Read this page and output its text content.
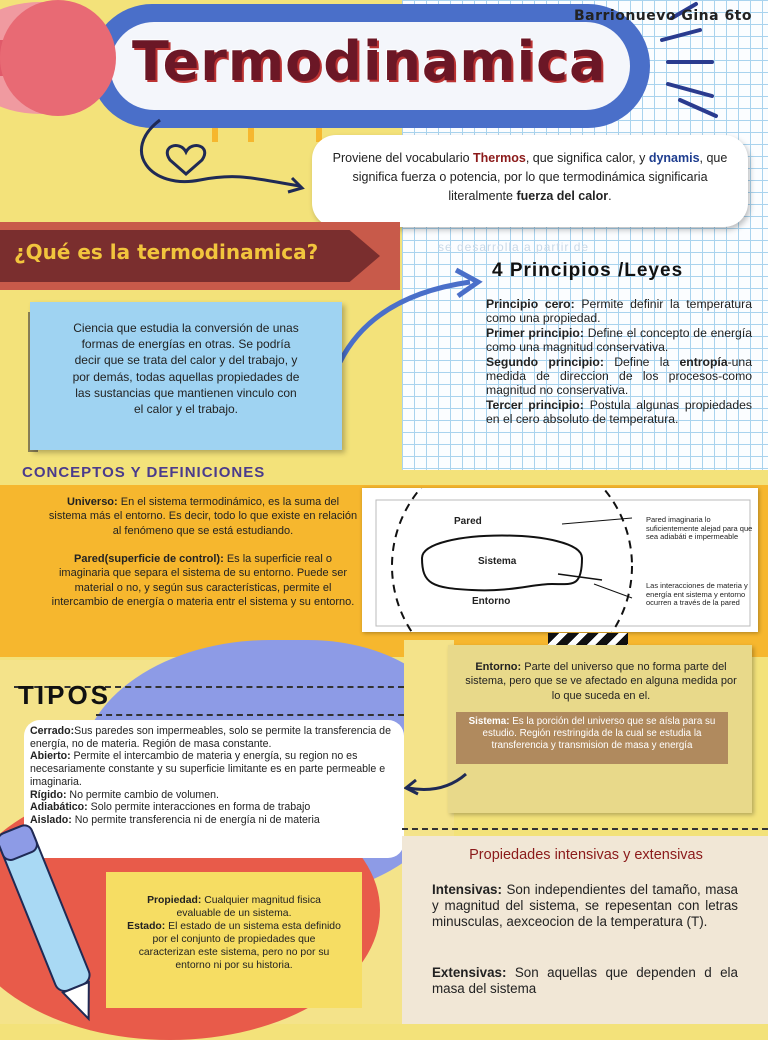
Barrionuevo Gina 6to
Termodinamica
Proviene del vocabulario Thermos, que significa calor, y dynamis, que significa fuerza o potencia, por lo que termodinámica significaria literalmente fuerza del calor.
¿Qué es la termodinamica?	se desarrolla a partir de
4 Principios /Leyes

Principio cero: Permite definir la temperatura como una propiedad.

Primer principio: Define el concepto de energía como una magnitud conservativa.

Segundo principio: Define la entropía-una medida de direccion de los procesos-como magnitud no conservativa.

Tercer principio: Postula algunas propiedades en el cero absoluto de temperatura.

Ciencia que estudia la conversión de unas formas de energías en otras. Se podría decir que se trata del calor y del trabajo, y por demás, todas aquellas propiedades de las sustancias que mantienen vinculo con el calor y el trabajo.
CONCEPTOS Y DEFINICIONES
Universo: En el sistema termodinámico, es la suma del sistema más el entorno. Es decir, todo lo que existe en relación al fenómeno que se está estudiando.

Pared(superficie de control): Es la superficie real o imaginaria que separa el sistema de su entorno. Puede ser material o no, y según sus características, permite el intercambio de energía o materia entr el sistema y su entorno.
Pared
Sistema
Entorno
Pared imaginaria lo suficientemente alejad para que sea adiabáti e impermeable
Las interacciones de materia y energía ent sistema y entorno ocurren a través de la pared
Entorno: Parte del universo que no forma parte del sistema, pero que se ve afectado en alguna medida por lo que suceda en el.
Sistema: Es la porción del universo que se aísla para su estudio. Región restringida de la cual se estudia la transferencia y transmision de masa y energía
TIPOS
Cerrado:Sus paredes son impermeables, solo se permite la transferencia de energía, no de materia. Región de masa constante.
Abierto: Permite el intercambio de materia y energía, su region no es necesariamente constante y su superficie limitante es en parte permeable e imaginaria.
Rígido: No permite cambio de volumen.
Adiabático: Solo permite interacciones en forma de trabajo
Aislado: No permite transferencia ni de energía ni de materia
Propiedad: Cualquier magnitud fisica evaluable de un sistema.
Estado: El estado de un sistema esta definido por el conjunto de propiedades que caracterizan este sistema, pero no por su entorno ni por su historia.
Propiedades intensivas y extensivas
Intensivas: Son independientes del tamaño, masa y magnitud del sistema, se repesentan con letras minusculas, aexceocion de la temperatura (T).
Extensivas: Son aquellas que dependen d ela masa del sistema
